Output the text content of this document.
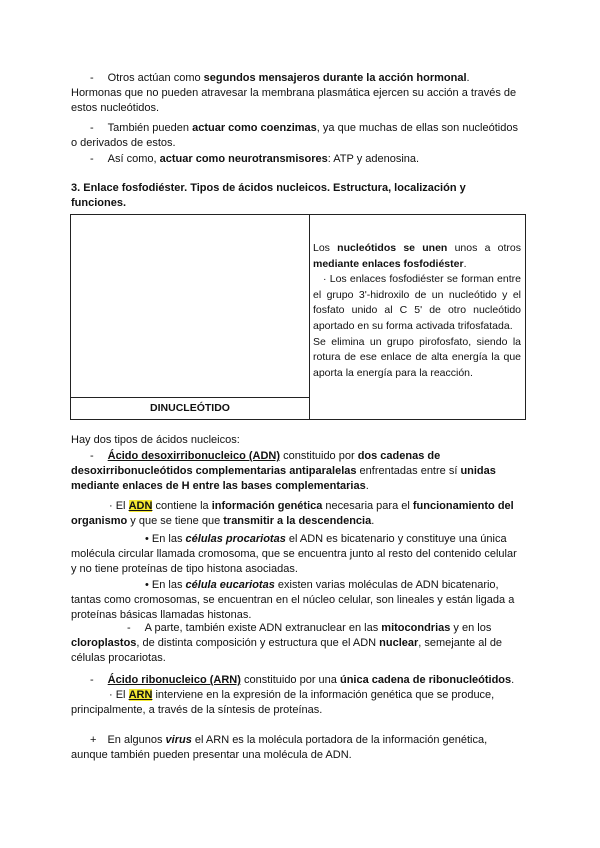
- Otros actúan como segundos mensajeros durante la acción hormonal.
Hormonas que no pueden atravesar la membrana plasmática ejercen su acción a través de
estos nucleótidos.
- También pueden actuar como coenzimas, ya que muchas de ellas son nucleótidos
o derivados de estos.
- Así como, actuar como neurotransmisores: ATP y adenosina.
3. Enlace fosfodiéster. Tipos de ácidos nucleicos. Estructura, localización y
funciones.
DINUCLEÓTIDO
Los nucleótidos se unen unos a otros mediante enlaces fosfodiéster.
· Los enlaces fosfodiéster se forman entre el grupo 3'-hidroxilo de un nucleótido y el fosfato unido al C 5' de otro nucleótido aportado en su forma activada trifosfatada.
Se elimina un grupo pirofosfato, siendo la rotura de ese enlace de alta energía la que aporta la energía para la reacción.
Hay dos tipos de ácidos nucleicos:
- Ácido desoxirribonucleico (ADN) constituido por dos cadenas de
desoxirribonucleótidos complementarias antiparalelas enfrentadas entre sí unidas
mediante enlaces de H entre las bases complementarias.
· El ADN contiene la información genética necesaria para el funcionamiento del
organismo y que se tiene que transmitir a la descendencia.
• En las células procariotas el ADN es bicatenario y constituye una única
molécula circular llamada cromosoma, que se encuentra junto al resto del contenido celular
y no tiene proteínas de tipo histona asociadas.
• En las célula eucariotas existen varias moléculas de ADN bicatenario,
tantas como cromosomas, se encuentran en el núcleo celular, son lineales y están ligada a
proteínas básicas llamadas histonas.
- A parte, también existe ADN extranuclear en las mitocondrias y en los
cloroplastos, de distinta composición y estructura que el ADN nuclear, semejante al de
células procariotas.
- Ácido ribonucleico (ARN) constituido por una única cadena de ribonucleótidos.
· El ARN interviene en la expresión de la información genética que se produce,
principalmente, a través de la síntesis de proteínas.
+ En algunos virus el ARN es la molécula portadora de la información genética,
aunque también pueden presentar una molécula de ADN.
